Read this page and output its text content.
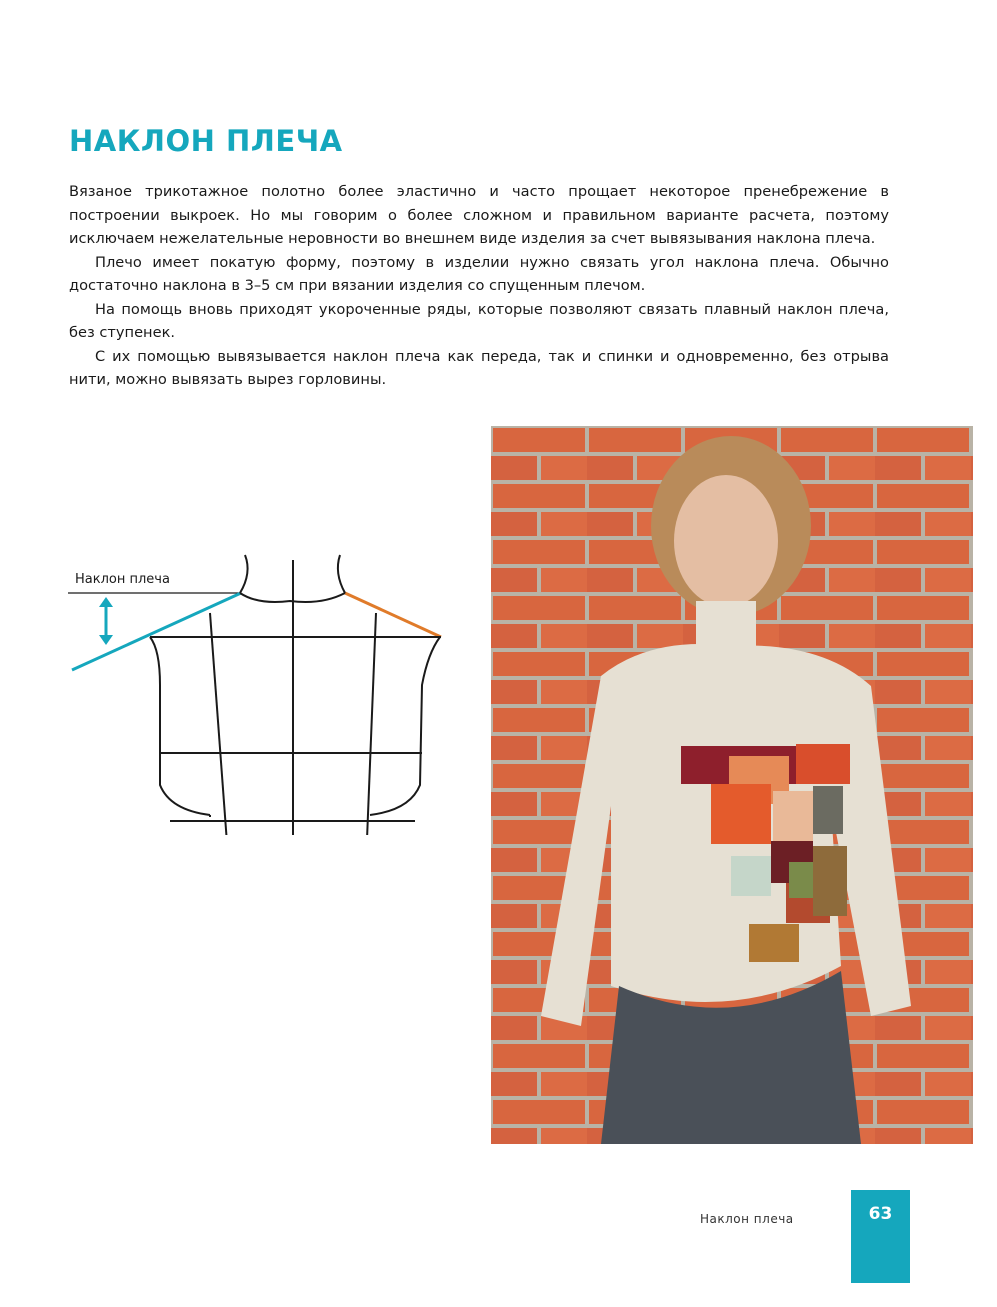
НАКЛОН ПЛЕЧА

Вязаное трикотажное полотно более эластично и часто прощает некоторое пренебрежение в построении выкроек. Но мы говорим о более сложном и правильном варианте расчета, поэтому исключаем нежелательные неровности во внешнем виде изделия за счет вывязывания наклона плеча.

Плечо имеет покатую форму, поэтому в изделии нужно связать угол наклона плеча. Обычно достаточно наклона в 3–5 см при вязании изделия со спущенным плечом.

На помощь вновь приходят укороченные ряды, которые позволяют связать плавный наклон плеча, без ступенек.

С их помощью вывязывается наклон плеча как переда, так и спинки и одновременно, без отрыва нити, можно вывязать вырез горловины.

Наклон плеча
Наклон плеча	63
